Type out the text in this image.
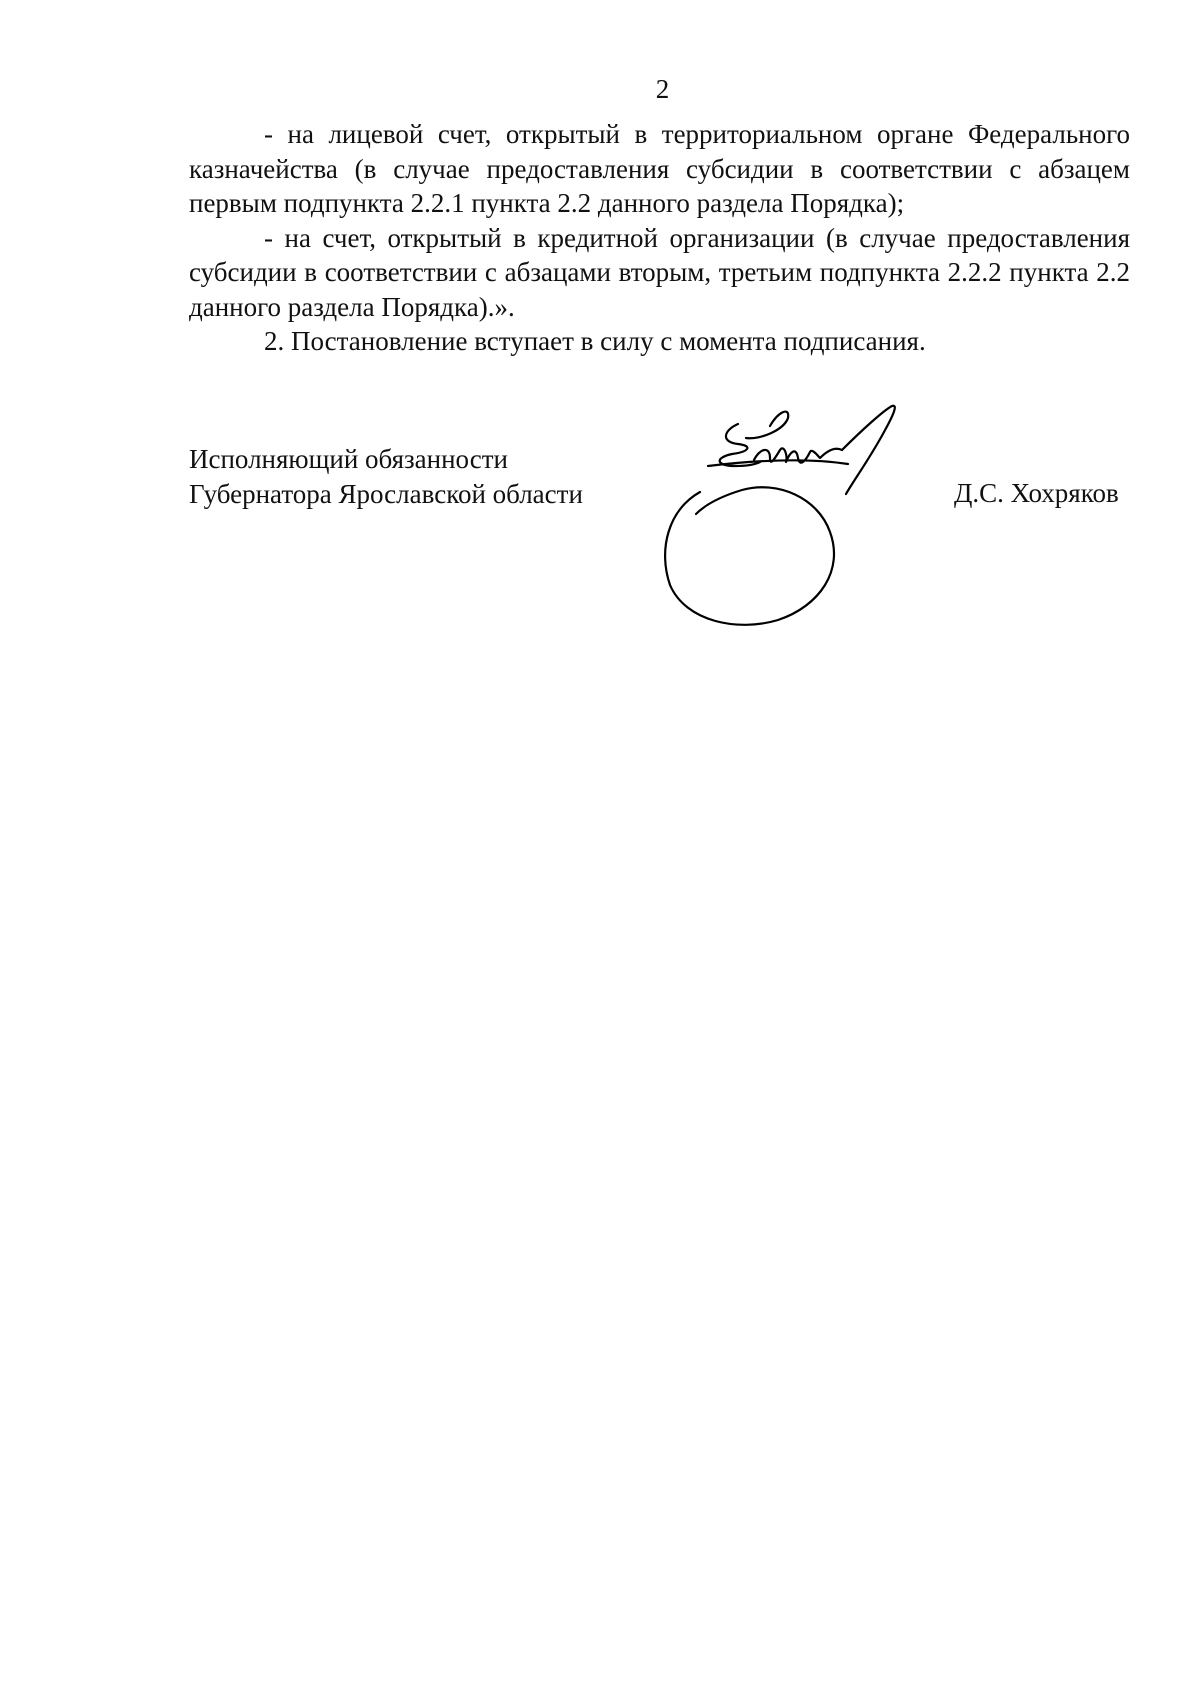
2

- на лицевой счет, открытый в территориальном органе Федерального казначейства (в случае предоставления субсидии в соответствии с абзацем первым подпункта 2.2.1 пункта 2.2 данного раздела Порядка);

- на счет, открытый в кредитной организации (в случае предоставления субсидии в соответствии с абзацами вторым, третьим подпункта 2.2.2 пункта 2.2 данного раздела Порядка).».

2. Постановление вступает в силу с момента подписания.

Исполняющий обязанности
Губернатора Ярославской области	Д.С. Хохряков
